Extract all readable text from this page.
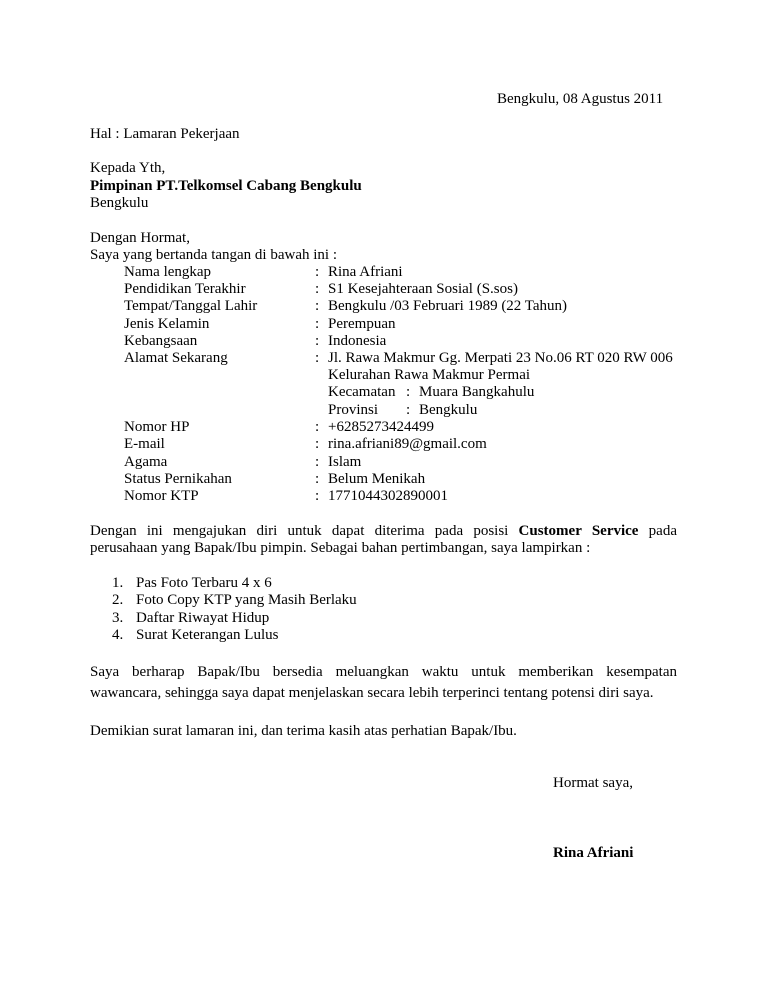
Bengkulu, 08 Agustus 2011
Hal : Lamaran Pekerjaan
Kepada Yth,
Pimpinan PT.Telkomsel Cabang Bengkulu
Bengkulu
Dengan Hormat,
Saya yang bertanda tangan di bawah ini :
Nama lengkap	: Rina Afriani
Pendidikan Terakhir	: S1 Kesejahteraan Sosial (S.sos)
Tempat/Tanggal Lahir	: Bengkulu /03 Februari 1989 (22 Tahun)
Jenis Kelamin	: Perempuan
Kebangsaan	: Indonesia
Alamat Sekarang	: Jl. Rawa Makmur Gg. Merpati 23 No.06 RT 020 RW 006
Kelurahan Rawa Makmur Permai
Kecamatan : Muara Bangkahulu
Provinsi : Bengkulu
Nomor HP	: +6285273424499
E-mail	: rina.afriani89@gmail.com
Agama	: Islam
Status Pernikahan	: Belum Menikah
Nomor KTP	: 1771044302890001
Dengan ini mengajukan diri untuk dapat diterima pada posisi Customer Service pada
perusahaan yang Bapak/Ibu pimpin. Sebagai bahan pertimbangan, saya lampirkan :
1. Pas Foto Terbaru 4 x 6
2. Foto Copy KTP yang Masih Berlaku
3. Daftar Riwayat Hidup
4. Surat Keterangan Lulus
Saya berharap Bapak/Ibu bersedia meluangkan waktu untuk memberikan kesempatan wawancara, sehingga saya dapat menjelaskan secara lebih terperinci tentang potensi diri saya.
Demikian surat lamaran ini, dan terima kasih atas perhatian Bapak/Ibu.
Hormat saya,
Rina Afriani
